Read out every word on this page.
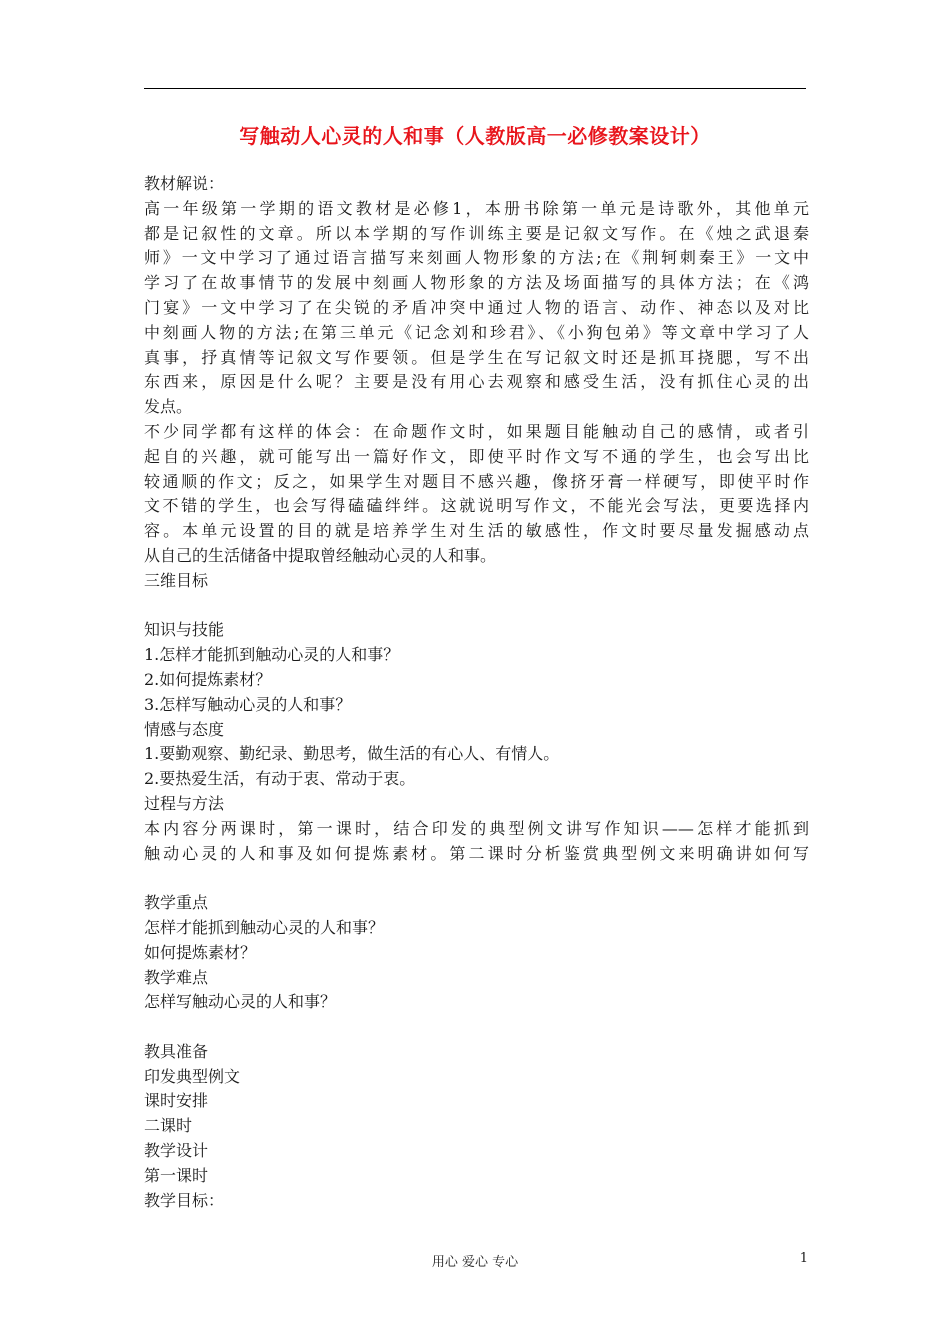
写触动人心灵的人和事（人教版高一必修教案设计）
教材解说：
高一年级第一学期的语文教材是必修1，本册书除第一单元是诗歌外，其他单元
都是记叙性的文章。所以本学期的写作训练主要是记叙文写作。在《烛之武退秦
师》一文中学习了通过语言描写来刻画人物形象的方法;在《荆轲刺秦王》一文中
学习了在故事情节的发展中刻画人物形象的方法及场面描写的具体方法；在《鸿
门宴》一文中学习了在尖锐的矛盾冲突中通过人物的语言、动作、神态以及对比
中刻画人物的方法;在第三单元《记念刘和珍君》、《小狗包弟》等文章中学习了人
真事，抒真情等记叙文写作要领。但是学生在写记叙文时还是抓耳挠腮，写不出
东西来，原因是什么呢？主要是没有用心去观察和感受生活，没有抓住心灵的出
发点。
不少同学都有这样的体会：在命题作文时，如果题目能触动自己的感情，或者引
起自的兴趣，就可能写出一篇好作文，即使平时作文写不通的学生，也会写出比
较通顺的作文；反之，如果学生对题目不感兴趣，像挤牙膏一样硬写，即使平时作
文不错的学生，也会写得磕磕绊绊。这就说明写作文，不能光会写法，更要选择内
容。本单元设置的目的就是培养学生对生活的敏感性，作文时要尽量发掘感动点
从自己的生活储备中提取曾经触动心灵的人和事。
三维目标
知识与技能
1.怎样才能抓到触动心灵的人和事？
2.如何提炼素材？
3.怎样写触动心灵的人和事？
情感与态度
1.要勤观察、勤纪录、勤思考，做生活的有心人、有情人。
2.要热爱生活，有动于衷、常动于衷。
过程与方法
本内容分两课时，第一课时，结合印发的典型例文讲写作知识——怎样才能抓到
触动心灵的人和事及如何提炼素材。第二课时分析鉴赏典型例文来明确讲如何写
教学重点
怎样才能抓到触动心灵的人和事？
如何提炼素材？
教学难点
怎样写触动心灵的人和事？
教具准备
印发典型例文
课时安排
二课时
教学设计
第一课时
教学目标：
用心 爱心 专心	1
